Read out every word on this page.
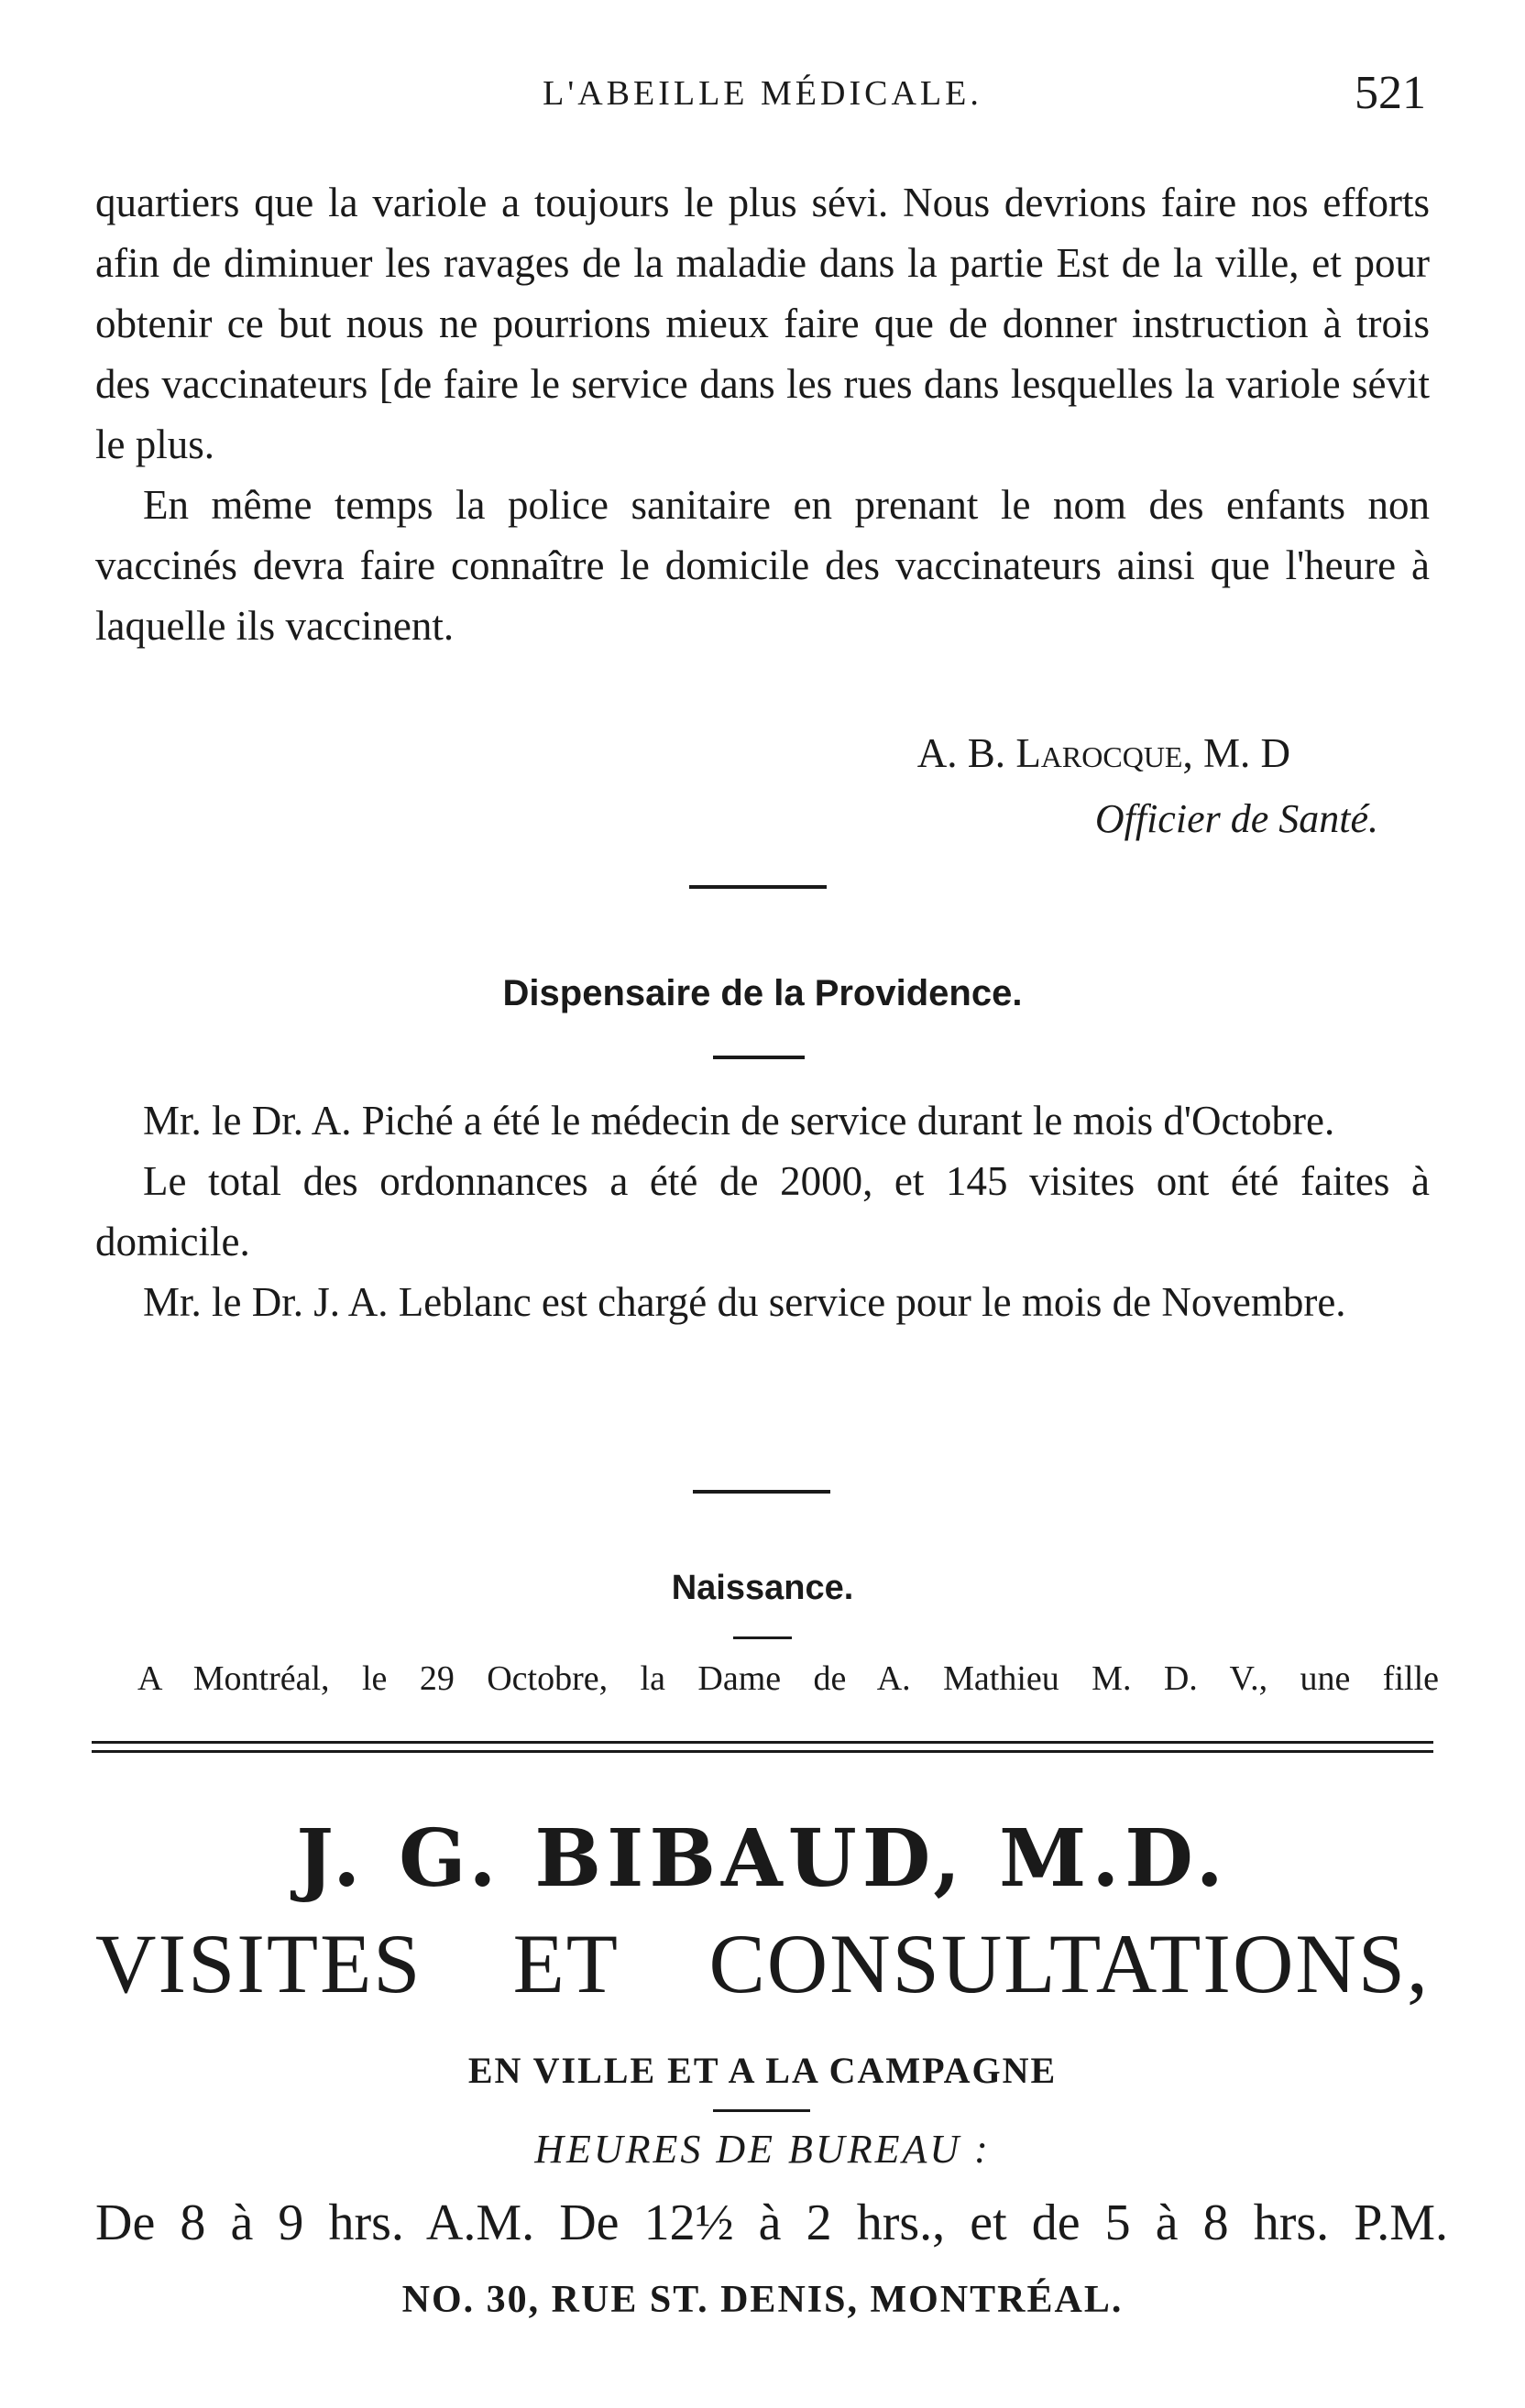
L'ABEILLE MÉDICALE.	521

quartiers que la variole a toujours le plus sévi. Nous devrions faire nos efforts afin de diminuer les ravages de la maladie dans la partie Est de la ville, et pour obtenir ce but nous ne pourrions mieux faire que de donner instruction à trois des vaccinateurs [de faire le service dans les rues dans lesquelles la variole sévit le plus.

En même temps la police sanitaire en prenant le nom des enfants non vaccinés devra faire connaître le domicile des vaccinateurs ainsi que l'heure à laquelle ils vaccinent.

A. B. Larocque, M. D
Officier de Santé.
Dispensaire de la Providence.

Mr. le Dr. A. Piché a été le médecin de service durant le mois d'Octobre.

Le total des ordonnances a été de 2000, et 145 visites ont été faites à domicile.

Mr. le Dr. J. A. Leblanc est chargé du service pour le mois de Novembre.

Naissance.
A Montréal, le 29 Octobre, la Dame de A. Mathieu M. D. V., une fille
J. G. BIBAUD, M.D.
VISITES ET CONSULTATIONS,
EN VILLE ET A LA CAMPAGNE
HEURES DE BUREAU :
De 8 à 9 hrs. A.M. De 12½ à 2 hrs., et de 5 à 8 hrs. P.M.
NO. 30, RUE ST. DENIS, MONTRÉAL.
